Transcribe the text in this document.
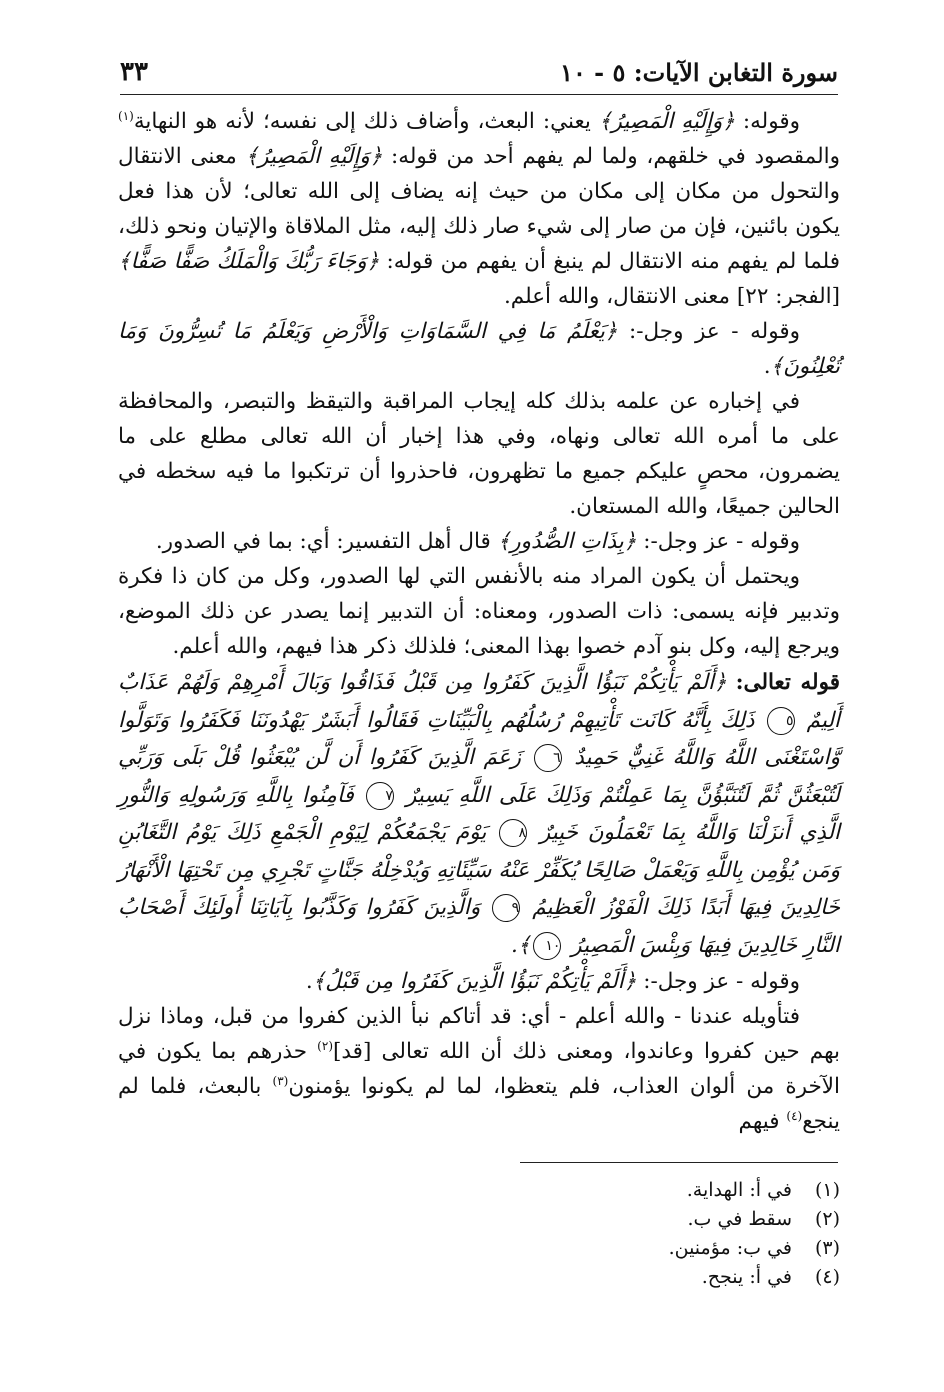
سورة التغابن الآيات: ٥ - ١٠
٣٣

وقوله: ﴿وَإِلَيْهِ الْمَصِيرُ﴾ يعني: البعث، وأضاف ذلك إلى نفسه؛ لأنه هو النهاية$^{(١)}$ والمقصود في خلقهم، ولما لم يفهم أحد من قوله: ﴿وَإِلَيْهِ الْمَصِيرُ﴾ معنى الانتقال والتحول من مكان إلى مكان من حيث إنه يضاف إلى الله تعالى؛ لأن هذا فعل يكون بائنين، فإن من صار إلى شيء صار ذلك إليه، مثل الملاقاة والإتيان ونحو ذلك، فلما لم يفهم منه الانتقال لم ينبغ أن يفهم من قوله: ﴿وَجَاءَ رَبُّكَ وَالْمَلَكُ صَفًّا صَفًّا﴾ [الفجر: ٢٢] معنى الانتقال، والله أعلم.

وقوله - عز وجل-: ﴿يَعْلَمُ مَا فِي السَّمَاوَاتِ وَالْأَرْضِ وَيَعْلَمُ مَا تُسِرُّونَ وَمَا تُعْلِنُونَ﴾.

في إخباره عن علمه بذلك كله إيجاب المراقبة والتيقظ والتبصر، والمحافظة على ما أمره الله تعالى ونهاه، وفي هذا إخبار أن الله تعالى مطلع على ما يضمرون، محصٍ عليكم جميع ما تظهرون، فاحذروا أن ترتكبوا ما فيه سخطه في الحالين جميعًا، والله المستعان.

وقوله - عز وجل-: ﴿بِذَاتِ الصُّدُورِ﴾ قال أهل التفسير: أي: بما في الصدور.

ويحتمل أن يكون المراد منه بالأنفس التي لها الصدور، وكل من كان ذا فكرة وتدبير فإنه يسمى: ذات الصدور، ومعناه: أن التدبير إنما يصدر عن ذلك الموضع، ويرجع إليه، وكل بنو آدم خصوا بهذا المعنى؛ فلذلك ذكر هذا فيهم، والله أعلم.

قوله تعالى: ﴿أَلَمْ يَأْتِكُمْ نَبَؤُا الَّذِينَ كَفَرُوا مِن قَبْلُ فَذَاقُوا وَبَالَ أَمْرِهِمْ وَلَهُمْ عَذَابٌ أَلِيمٌ ٥ ذَلِكَ بِأَنَّهُ كَانَت تَأْتِيهِمْ رُسُلُهُم بِالْبَيِّنَاتِ فَقَالُوا أَبَشَرٌ يَهْدُونَنَا فَكَفَرُوا وَتَوَلَّوا وَّاسْتَغْنَى اللَّهُ وَاللَّهُ غَنِيٌّ حَمِيدٌ ٦ زَعَمَ الَّذِينَ كَفَرُوا أَن لَّن يُبْعَثُوا قُلْ بَلَى وَرَبِّي لَتُبْعَثُنَّ ثُمَّ لَتُنَبَّؤُنَّ بِمَا عَمِلْتُمْ وَذَلِكَ عَلَى اللَّهِ يَسِيرٌ ٧ فَآمِنُوا بِاللَّهِ وَرَسُولِهِ وَالنُّورِ الَّذِي أَنزَلْنَا وَاللَّهُ بِمَا تَعْمَلُونَ خَبِيرٌ ٨ يَوْمَ يَجْمَعُكُمْ لِيَوْمِ الْجَمْعِ ذَلِكَ يَوْمُ التَّغَابُنِ وَمَن يُؤْمِن بِاللَّهِ وَيَعْمَلْ صَالِحًا يُكَفِّرْ عَنْهُ سَيِّئَاتِهِ وَيُدْخِلْهُ جَنَّاتٍ تَجْرِي مِن تَحْتِهَا الْأَنْهَارُ خَالِدِينَ فِيهَا أَبَدًا ذَلِكَ الْفَوْزُ الْعَظِيمُ ٩ وَالَّذِينَ كَفَرُوا وَكَذَّبُوا بِآيَاتِنَا أُولَئِكَ أَصْحَابُ النَّارِ خَالِدِينَ فِيهَا وَبِئْسَ الْمَصِيرُ ١٠﴾.

وقوله - عز وجل-: ﴿أَلَمْ يَأْتِكُمْ نَبَؤُا الَّذِينَ كَفَرُوا مِن قَبْلُ﴾.

فتأويله عندنا - والله أعلم - أي: قد أتاكم نبأ الذين كفروا من قبل، وماذا نزل بهم حين كفروا وعاندوا، ومعنى ذلك أن الله تعالى [قد]$^{(٢)}$ حذرهم بما يكون في الآخرة من ألوان العذاب، فلم يتعظوا، لما لم يكونوا يؤمنون$^{(٣)}$ بالبعث، فلما لم ينجع$^{(٤)}$ فيهم

(١)
في أ: الهداية.
(٢)
سقط في ب.
(٣)
في ب: مؤمنين.
(٤)
في أ: ينجح.
